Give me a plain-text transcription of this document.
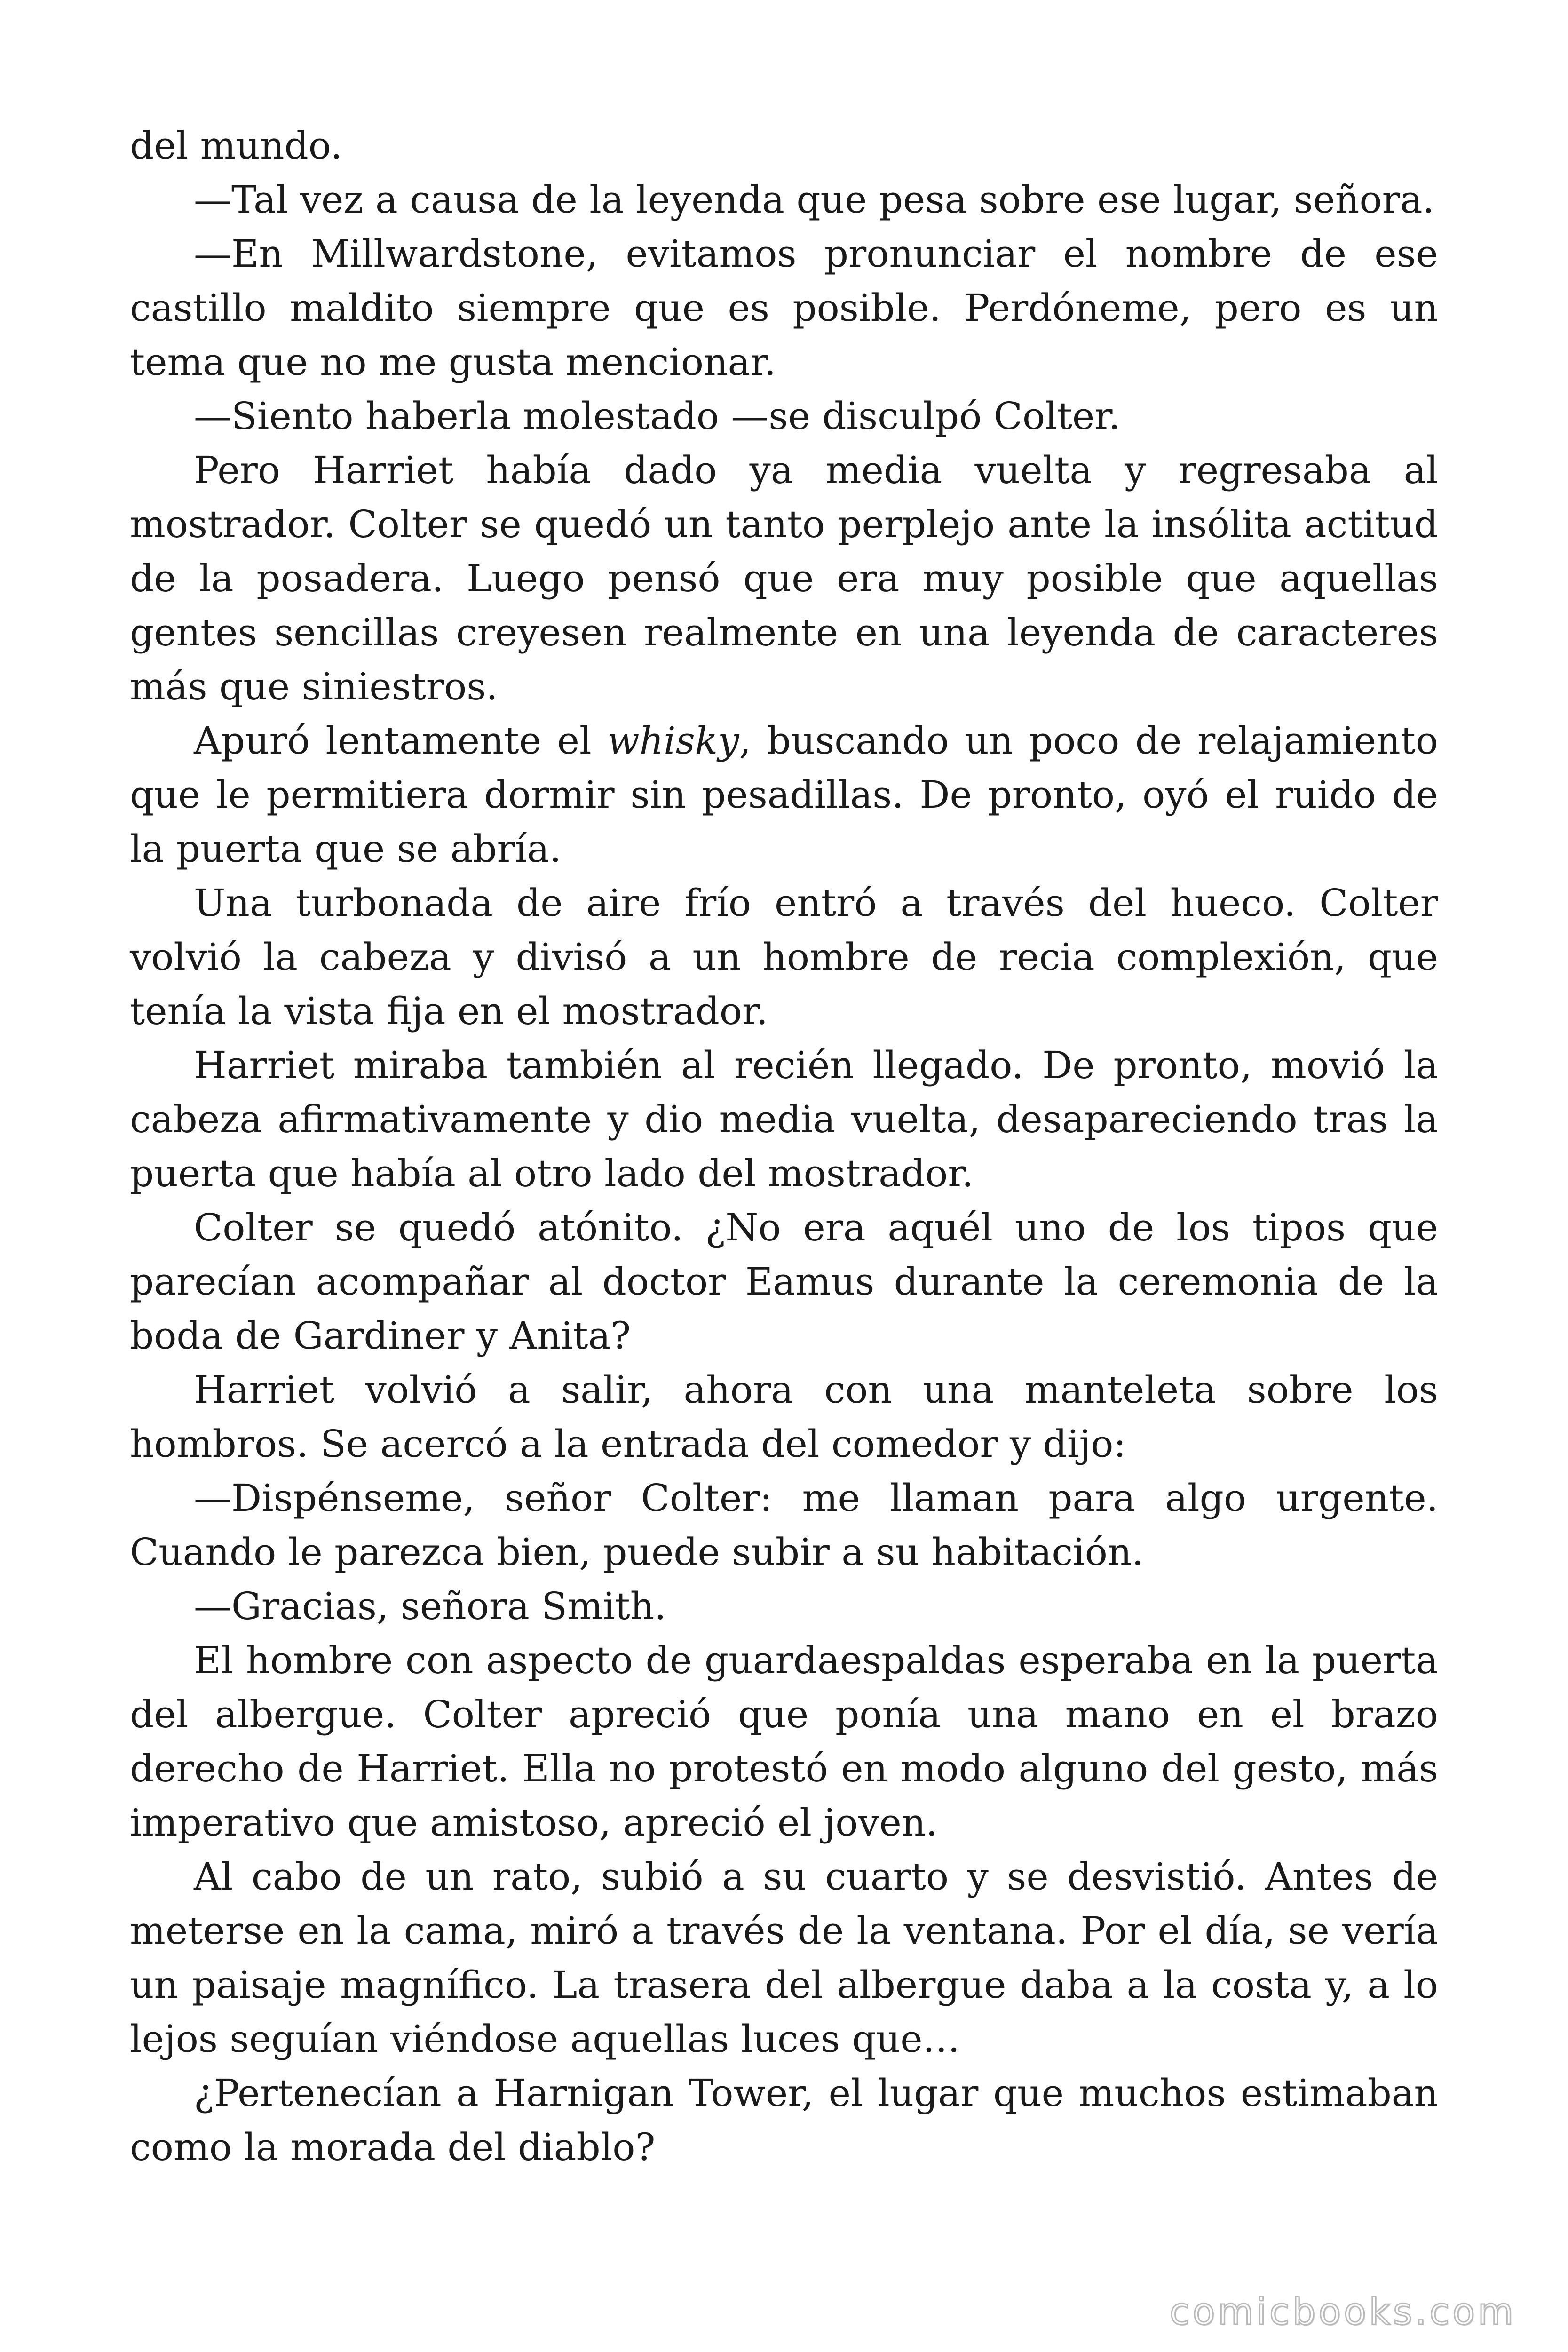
del mundo.

—Tal vez a causa de la leyenda que pesa sobre ese lugar, señora.

—En Millwardstone, evitamos pronunciar el nombre de ese castillo maldito siempre que es posible. Perdóneme, pero es un tema que no me gusta mencionar.

—Siento haberla molestado —se disculpó Colter.

Pero Harriet había dado ya media vuelta y regresaba al mostrador. Colter se quedó un tanto perplejo ante la insólita actitud de la posadera. Luego pensó que era muy posible que aquellas gentes sencillas creyesen realmente en una leyenda de caracteres más que siniestros.

Apuró lentamente el whisky, buscando un poco de relajamiento que le permitiera dormir sin pesadillas. De pronto, oyó el ruido de la puerta que se abría.

Una turbonada de aire frío entró a través del hueco. Colter volvió la cabeza y divisó a un hombre de recia complexión, que tenía la vista fija en el mostrador.

Harriet miraba también al recién llegado. De pronto, movió la cabeza afirmativamente y dio media vuelta, desapareciendo tras la puerta que había al otro lado del mostrador.

Colter se quedó atónito. ¿No era aquél uno de los tipos que parecían acompañar al doctor Eamus durante la ceremonia de la boda de Gardiner y Anita?

Harriet volvió a salir, ahora con una manteleta sobre los hombros. Se acercó a la entrada del comedor y dijo:

—Dispénseme, señor Colter: me llaman para algo urgente. Cuando le parezca bien, puede subir a su habitación.

—Gracias, señora Smith.

El hombre con aspecto de guardaespaldas esperaba en la puerta del albergue. Colter apreció que ponía una mano en el brazo derecho de Harriet. Ella no protestó en modo alguno del gesto, más imperativo que amistoso, apreció el joven.

Al cabo de un rato, subió a su cuarto y se desvistió. Antes de meterse en la cama, miró a través de la ventana. Por el día, se vería un paisaje magnífico. La trasera del albergue daba a la costa y, a lo lejos seguían viéndose aquellas luces que…

¿Pertenecían a Harnigan Tower, el lugar que muchos estimaban como la morada del diablo?

comicbooks.com
